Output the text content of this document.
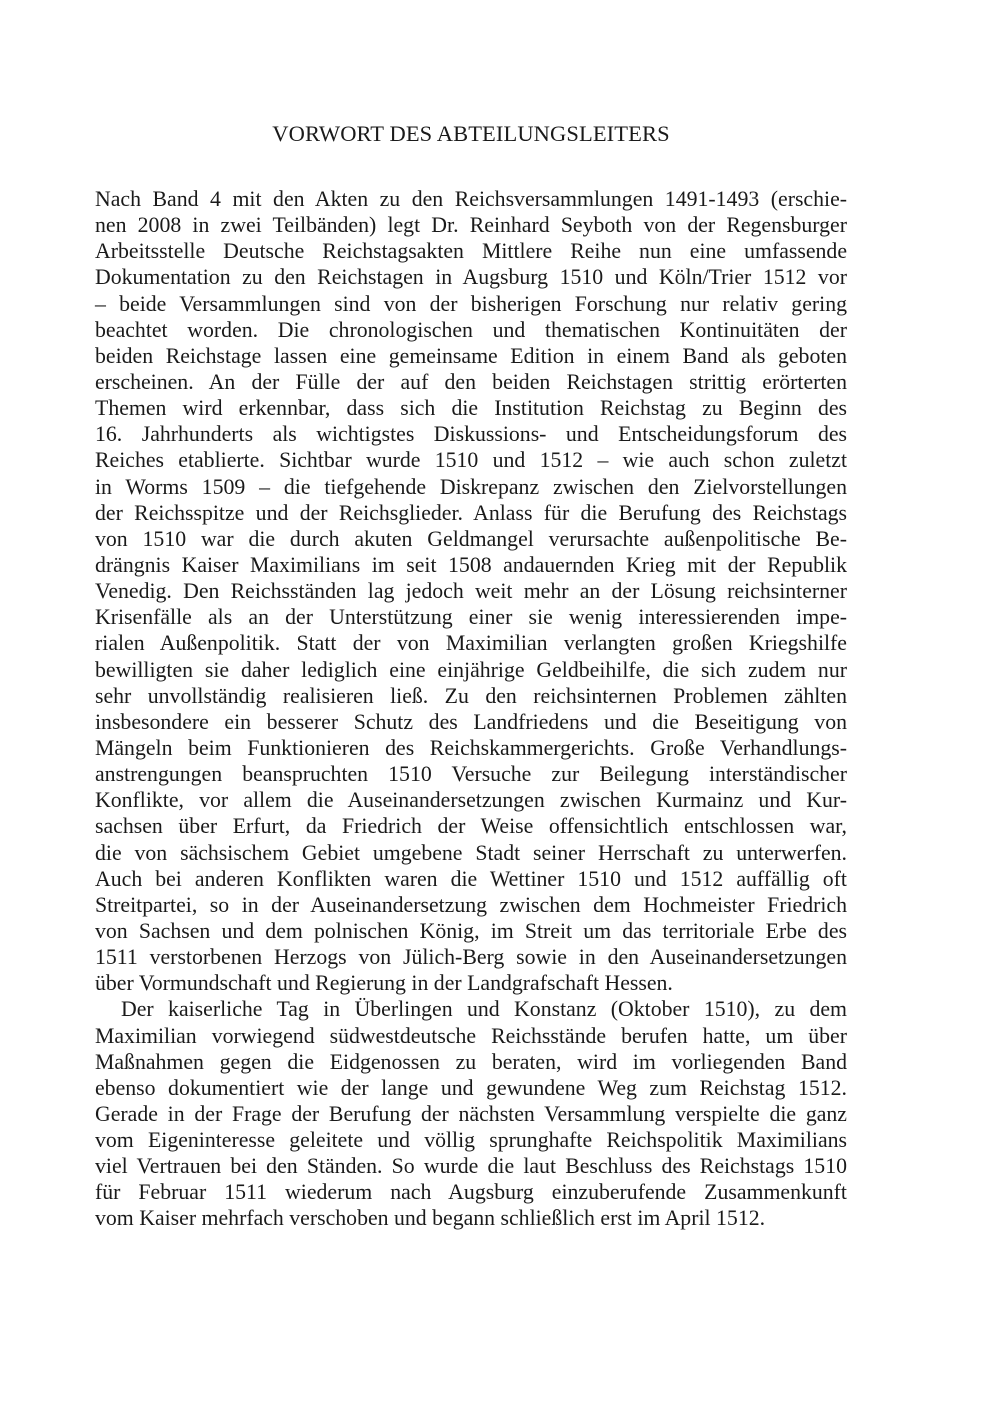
VORWORT DES ABTEILUNGSLEITERS
Nach Band 4 mit den Akten zu den Reichsversammlungen 1491-1493 (erschie-
nen 2008 in zwei Teilbänden) legt Dr. Reinhard Seyboth von der Regensburger
Arbeitsstelle Deutsche Reichstagsakten Mittlere Reihe nun eine umfassende
Dokumentation zu den Reichstagen in Augsburg 1510 und Köln/Trier 1512 vor
– beide Versammlungen sind von der bisherigen Forschung nur relativ gering
beachtet worden. Die chronologischen und thematischen Kontinuitäten der
beiden Reichstage lassen eine gemeinsame Edition in einem Band als geboten
erscheinen. An der Fülle der auf den beiden Reichstagen strittig erörterten
Themen wird erkennbar, dass sich die Institution Reichstag zu Beginn des
16. Jahrhunderts als wichtigstes Diskussions- und Entscheidungsforum des
Reiches etablierte. Sichtbar wurde 1510 und 1512 – wie auch schon zuletzt
in Worms 1509 – die tiefgehende Diskrepanz zwischen den Zielvorstellungen
der Reichsspitze und der Reichsglieder. Anlass für die Berufung des Reichstags
von 1510 war die durch akuten Geldmangel verursachte außenpolitische Be-
drängnis Kaiser Maximilians im seit 1508 andauernden Krieg mit der Republik
Venedig. Den Reichsständen lag jedoch weit mehr an der Lösung reichsinterner
Krisenfälle als an der Unterstützung einer sie wenig interessierenden impe-
rialen Außenpolitik. Statt der von Maximilian verlangten großen Kriegshilfe
bewilligten sie daher lediglich eine einjährige Geldbeihilfe, die sich zudem nur
sehr unvollständig realisieren ließ. Zu den reichsinternen Problemen zählten
insbesondere ein besserer Schutz des Landfriedens und die Beseitigung von
Mängeln beim Funktionieren des Reichskammergerichts. Große Verhandlungs-
anstrengungen beanspruchten 1510 Versuche zur Beilegung interständischer
Konflikte, vor allem die Auseinandersetzungen zwischen Kurmainz und Kur-
sachsen über Erfurt, da Friedrich der Weise offensichtlich entschlossen war,
die von sächsischem Gebiet umgebene Stadt seiner Herrschaft zu unterwerfen.
Auch bei anderen Konflikten waren die Wettiner 1510 und 1512 auffällig oft
Streitpartei, so in der Auseinandersetzung zwischen dem Hochmeister Friedrich
von Sachsen und dem polnischen König, im Streit um das territoriale Erbe des
1511 verstorbenen Herzogs von Jülich-Berg sowie in den Auseinandersetzungen
über Vormundschaft und Regierung in der Landgrafschaft Hessen.
Der kaiserliche Tag in Überlingen und Konstanz (Oktober 1510), zu dem
Maximilian vorwiegend südwestdeutsche Reichsstände berufen hatte, um über
Maßnahmen gegen die Eidgenossen zu beraten, wird im vorliegenden Band
ebenso dokumentiert wie der lange und gewundene Weg zum Reichstag 1512.
Gerade in der Frage der Berufung der nächsten Versammlung verspielte die ganz
vom Eigeninteresse geleitete und völlig sprunghafte Reichspolitik Maximilians
viel Vertrauen bei den Ständen. So wurde die laut Beschluss des Reichstags 1510
für Februar 1511 wiederum nach Augsburg einzuberufende Zusammenkunft
vom Kaiser mehrfach verschoben und begann schließlich erst im April 1512.
